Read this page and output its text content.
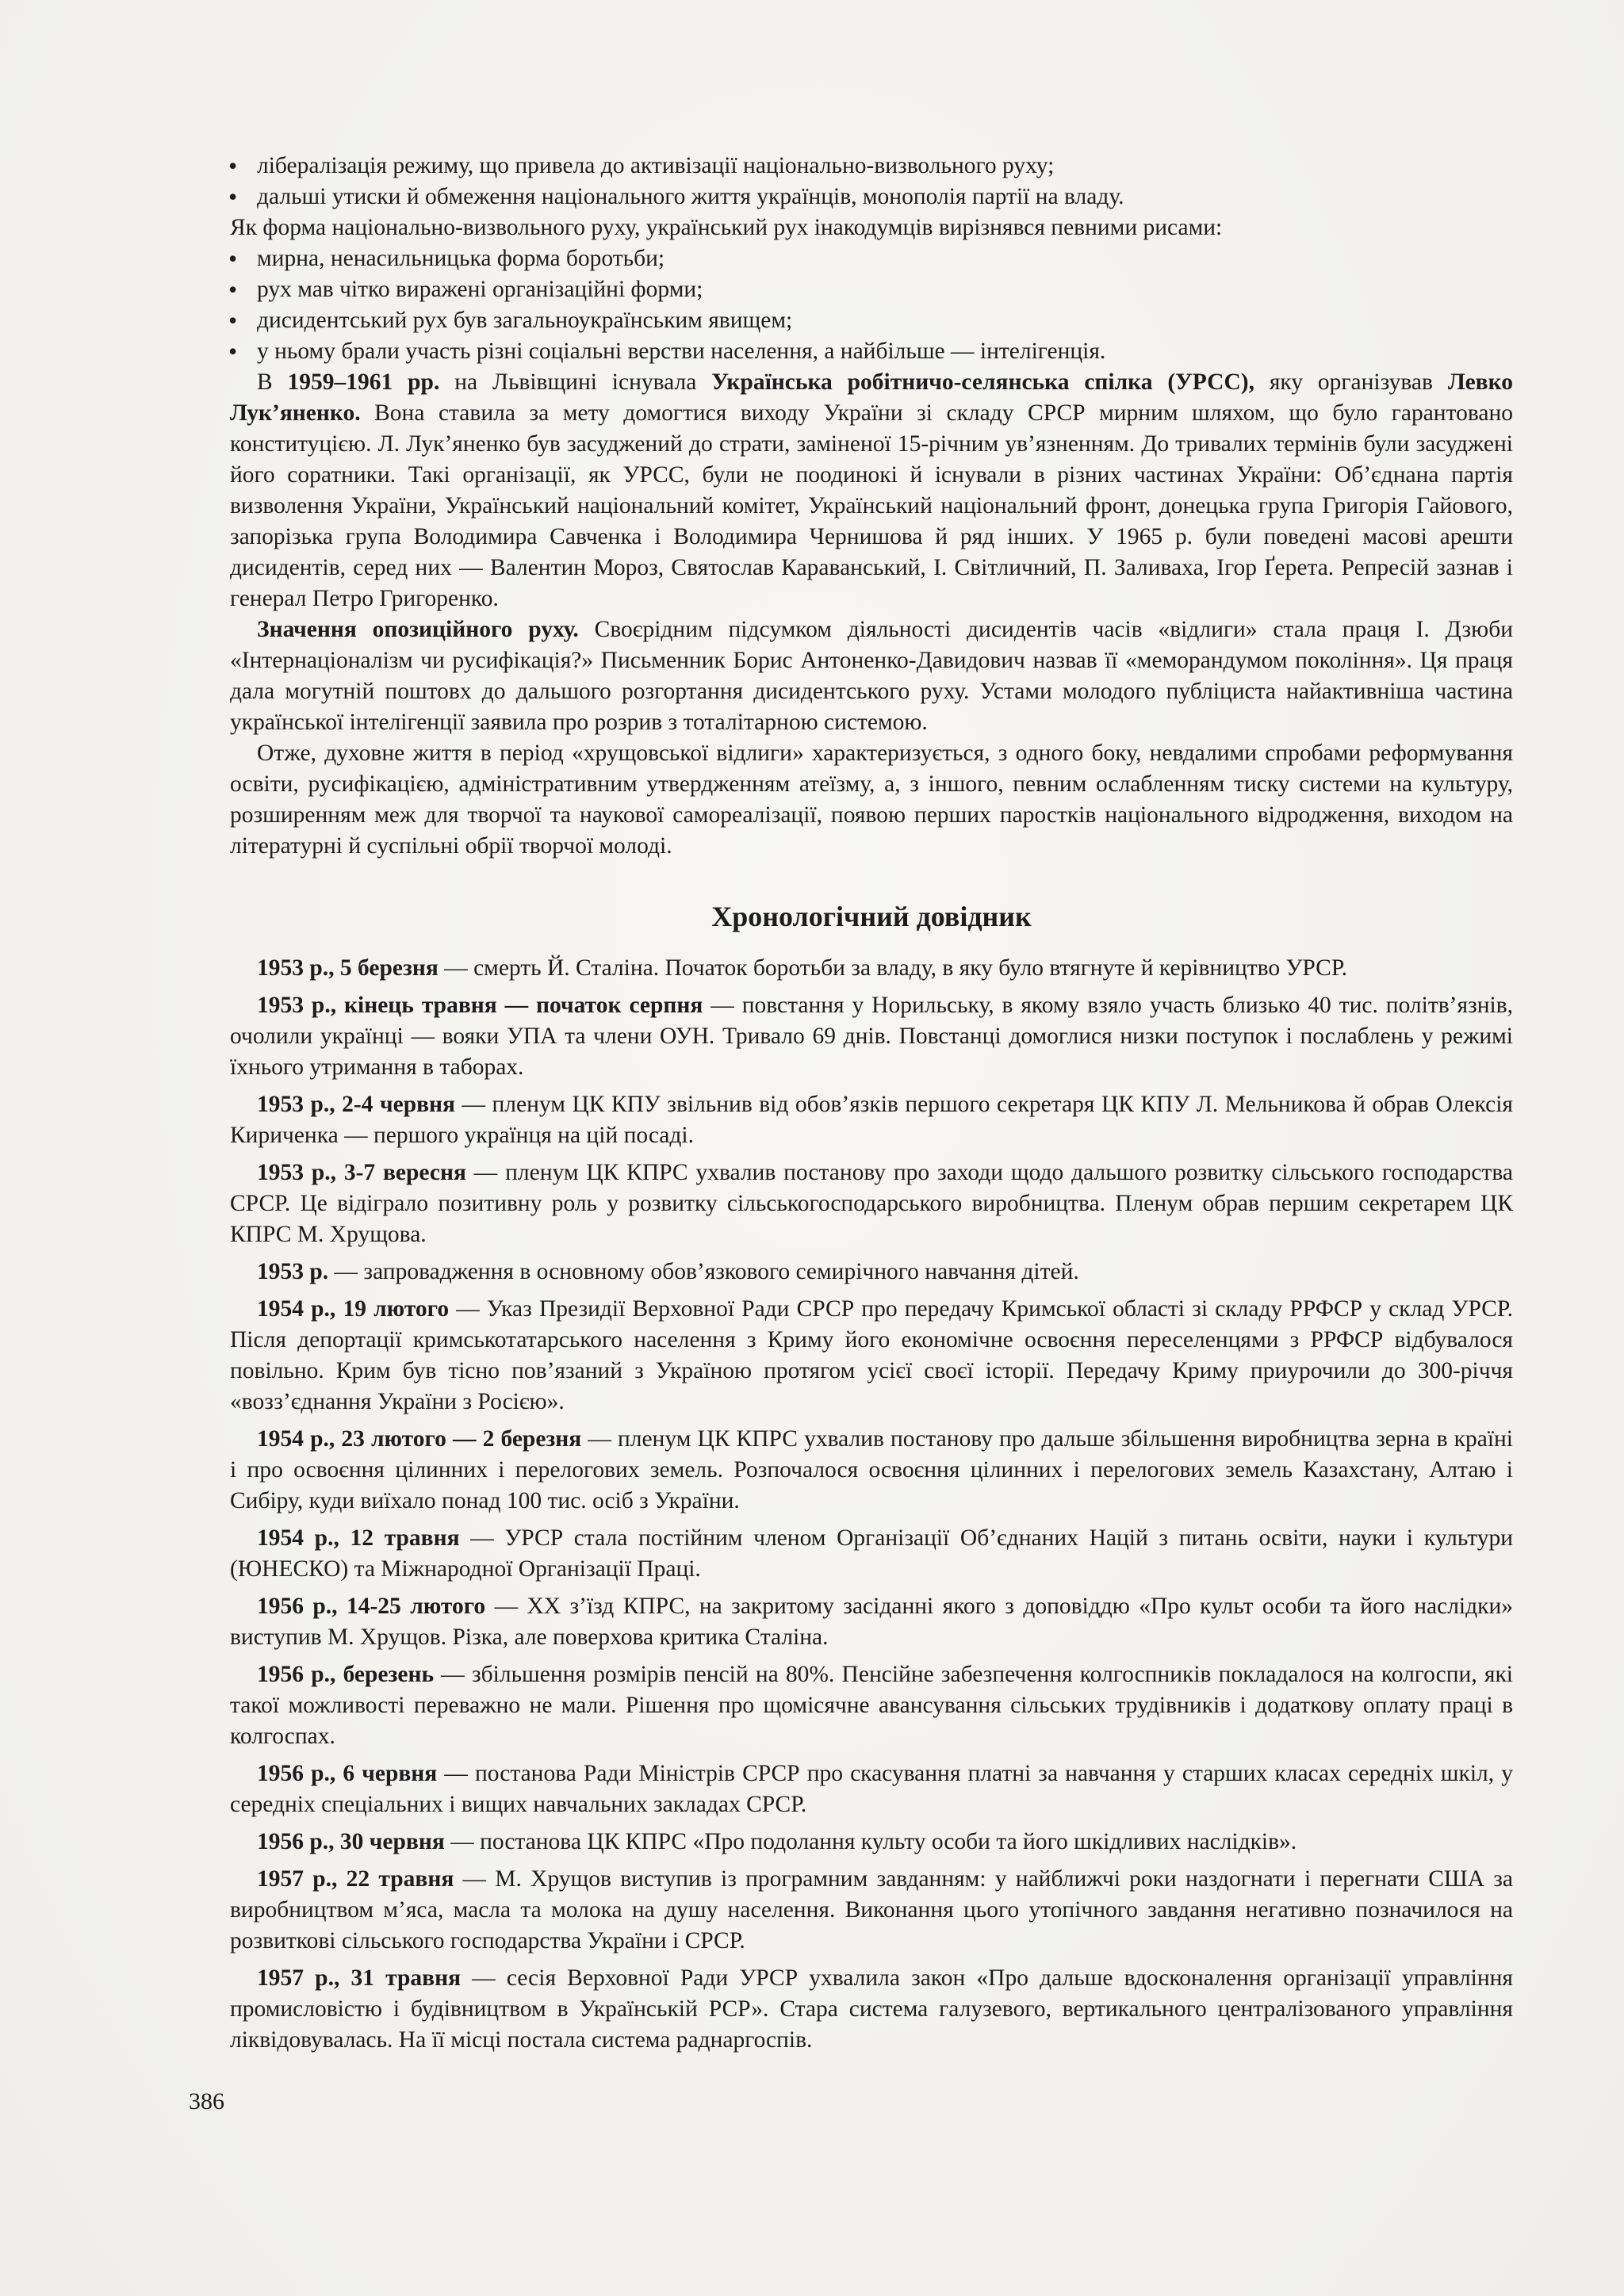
• лібералізація режиму, що привела до активізації національно-визвольного руху;
• дальші утиски й обмеження національного життя українців, монополія партії на владу.
Як форма національно-визвольного руху, український рух інакодумців вирізнявся певними рисами:
• мирна, ненасильницька форма боротьби;
• рух мав чітко виражені організаційні форми;
• дисидентський рух був загальноукраїнським явищем;
• у ньому брали участь різні соціальні верстви населення, а найбільше — інтелігенція.

В 1959–1961 рр. на Львівщині існувала Українська робітничо-селянська спілка (УРСС), яку організував Левко Лук’яненко. Вона ставила за мету домогтися виходу України зі складу СРСР мирним шляхом, що було гарантовано конституцією. Л. Лук’яненко був засуджений до страти, заміненої 15-річним ув’язненням. До тривалих термінів були засуджені його соратники. Такі організації, як УРСС, були не поодинокі й існували в різних частинах України: Об’єднана партія визволення України, Український національний комітет, Український національний фронт, донецька група Григорія Гайового, запорізька група Володимира Савченка і Володимира Чернишова й ряд інших. У 1965 р. були поведені масові арешти дисидентів, серед них — Валентин Мороз, Святослав Караванський, І. Світличний, П. Заливаха, Ігор Ґерета. Репресій зазнав і генерал Петро Григоренко.

Значення опозиційного руху. Своєрідним підсумком діяльності дисидентів часів «відлиги» стала праця І. Дзюби «Інтернаціоналізм чи русифікація?» Письменник Борис Антоненко-Давидович назвав її «меморандумом покоління». Ця праця дала могутній поштовх до дальшого розгортання дисидентського руху. Устами молодого публіциста найактивніша частина української інтелігенції заявила про розрив з тоталітарною системою.

Отже, духовне життя в період «хрущовської відлиги» характеризується, з одного боку, невдалими спробами реформування освіти, русифікацією, адміністративним утвердженням атеїзму, а, з іншого, певним ослабленням тиску системи на культуру, розширенням меж для творчої та наукової самореалізації, появою перших паростків національного відродження, виходом на літературні й суспільні обрії творчої молоді.

Хронологічний довідник

1953 р., 5 березня — смерть Й. Сталіна. Початок боротьби за владу, в яку було втягнуте й керівництво УРСР.

1953 р., кінець травня — початок серпня — повстання у Норильську, в якому взяло участь близько 40 тис. політв’язнів, очолили українці — вояки УПА та члени ОУН. Тривало 69 днів. Повстанці домоглися низки поступок і послаблень у режимі їхнього утримання в таборах.

1953 р., 2-4 червня — пленум ЦК КПУ звільнив від обов’язків першого секретаря ЦК КПУ Л. Мельникова й обрав Олексія Кириченка — першого українця на цій посаді.

1953 р., 3-7 вересня — пленум ЦК КПРС ухвалив постанову про заходи щодо дальшого розвитку сільського господарства СРСР. Це відіграло позитивну роль у розвитку сільськогосподарського виробництва. Пленум обрав першим секретарем ЦК КПРС М. Хрущова.

1953 р. — запровадження в основному обов’язкового семирічного навчання дітей.

1954 р., 19 лютого — Указ Президії Верховної Ради СРСР про передачу Кримської області зі складу РРФСР у склад УРСР. Після депортації кримськотатарського населення з Криму його економічне освоєння переселенцями з РРФСР відбувалося повільно. Крим був тісно пов’язаний з Україною протягом усієї своєї історії. Передачу Криму приурочили до 300-річчя «возз’єднання України з Росією».

1954 р., 23 лютого — 2 березня — пленум ЦК КПРС ухвалив постанову про дальше збільшення виробництва зерна в країні і про освоєння цілинних і перелогових земель. Розпочалося освоєння цілинних і перелогових земель Казахстану, Алтаю і Сибіру, куди виїхало понад 100 тис. осіб з України.

1954 р., 12 травня — УРСР стала постійним членом Організації Об’єднаних Націй з питань освіти, науки і культури (ЮНЕСКО) та Міжнародної Організації Праці.

1956 р., 14-25 лютого — XX з’їзд КПРС, на закритому засіданні якого з доповіддю «Про культ особи та його наслідки» виступив М. Хрущов. Різка, але поверхова критика Сталіна.

1956 р., березень — збільшення розмірів пенсій на 80%. Пенсійне забезпечення колгоспників покладалося на колгоспи, які такої можливості переважно не мали. Рішення про щомісячне авансування сільських трудівників і додаткову оплату праці в колгоспах.

1956 р., 6 червня — постанова Ради Міністрів СРСР про скасування платні за навчання у старших класах середніх шкіл, у середніх спеціальних і вищих навчальних закладах СРСР.

1956 р., 30 червня — постанова ЦК КПРС «Про подолання культу особи та його шкідливих наслідків».

1957 р., 22 травня — М. Хрущов виступив із програмним завданням: у найближчі роки наздогнати і перегнати США за виробництвом м’яса, масла та молока на душу населення. Виконання цього утопічного завдання негативно позначилося на розвиткові сільського господарства України і СРСР.

1957 р., 31 травня — сесія Верховної Ради УРСР ухвалила закон «Про дальше вдосконалення організації управління промисловістю і будівництвом в Українській РСР». Стара система галузевого, вертикального централізованого управління ліквідовувалась. На її місці постала система раднаргоспів.

386
